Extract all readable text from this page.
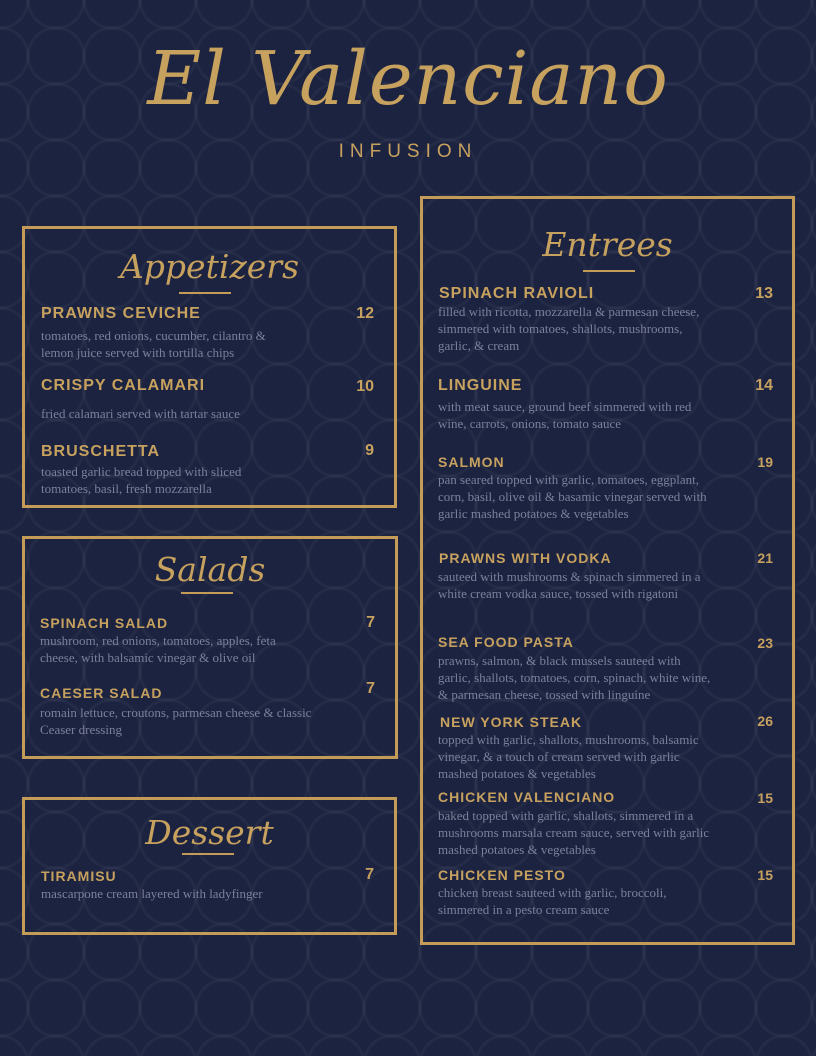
El Valenciano
INFUSION
Appetizers
PRAWNS CEVICHE	12
tomatoes, red onions, cucumber, cilantro & lemon juice served with tortilla chips
CRISPY CALAMARI	10
fried calamari served with tartar sauce
BRUSCHETTA	9
toasted garlic bread topped with sliced tomatoes, basil, fresh mozzarella
Salads
SPINACH SALAD	7
mushroom, red onions, tomatoes, apples, feta cheese, with balsamic vinegar & olive oil
CAESER SALAD	7
romain lettuce, croutons, parmesan cheese & classic Ceaser dressing
Dessert
TIRAMISU	7
mascarpone cream layered with ladyfinger
Entrees
SPINACH RAVIOLI	13
filled with ricotta, mozzarella & parmesan cheese, simmered with tomatoes, shallots, mushrooms, garlic, & cream
LINGUINE	14
with meat sauce, ground beef simmered with red wine, carrots, onions, tomato sauce
SALMON	19
pan seared topped with garlic, tomatoes, eggplant, corn, basil, olive oil & basamic vinegar served with garlic mashed potatoes & vegetables
PRAWNS WITH VODKA	21
sauteed with mushrooms & spinach simmered in a white cream vodka sauce, tossed with rigatoni
SEA FOOD PASTA	23
prawns, salmon, & black mussels sauteed with garlic, shallots, tomatoes, corn, spinach, white wine, & parmesan cheese, tossed with linguine
NEW YORK STEAK	26
topped with garlic, shallots, mushrooms, balsamic vinegar, & a touch of cream served with garlic mashed potatoes & vegetables
CHICKEN VALENCIANO	15
baked topped with garlic, shallots, simmered in a mushrooms marsala cream sauce, served with garlic mashed potatoes & vegetables
CHICKEN PESTO	15
chicken breast sauteed with garlic, broccoli, simmered in a pesto cream sauce
